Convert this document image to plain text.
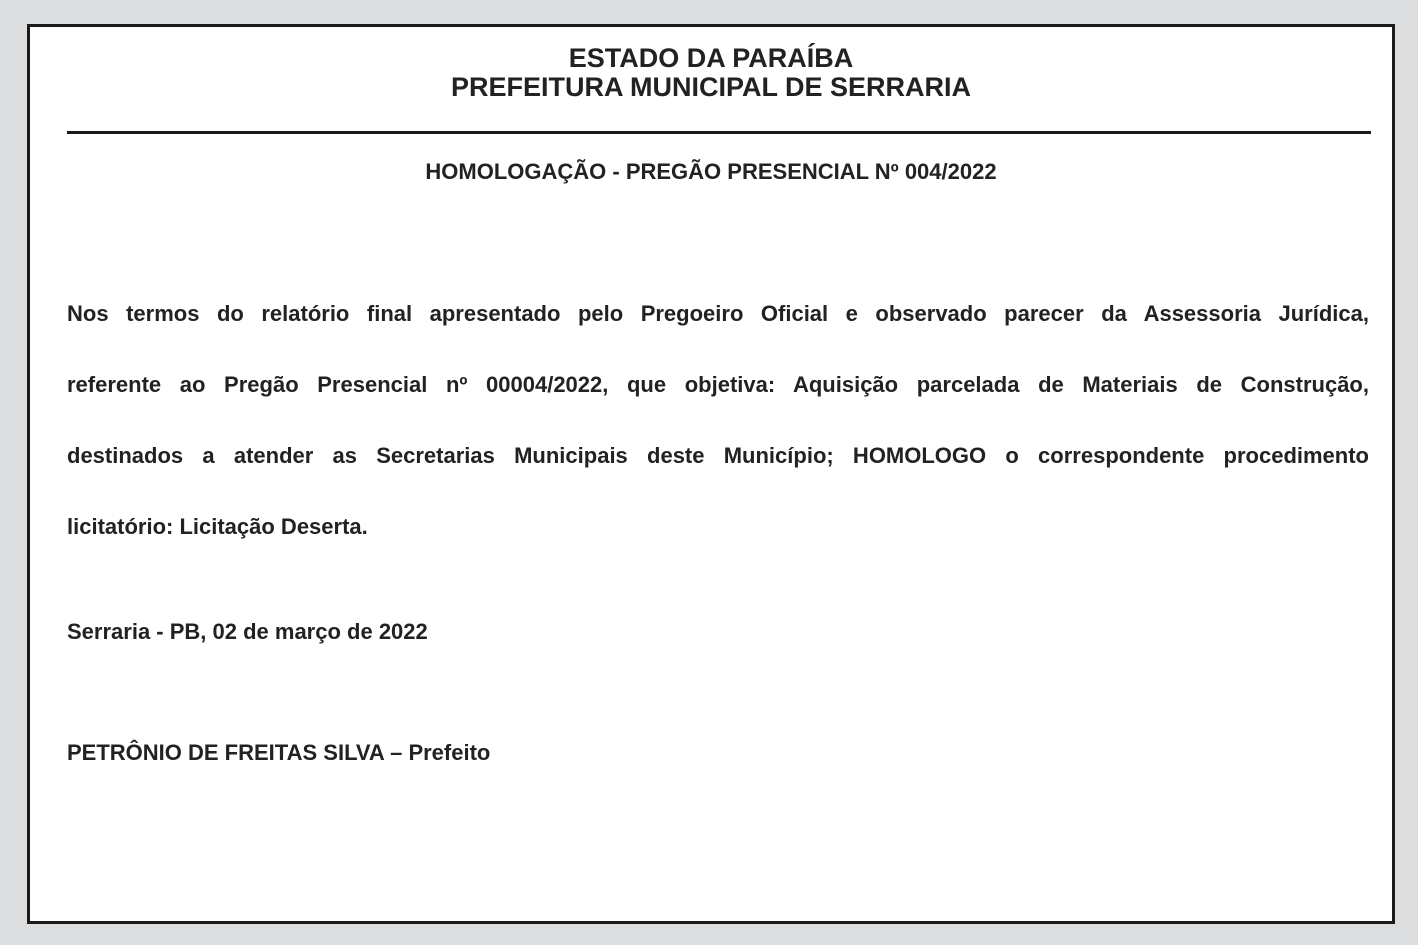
ESTADO DA PARAÍBA
PREFEITURA MUNICIPAL DE SERRARIA
HOMOLOGAÇÃO - PREGÃO PRESENCIAL Nº 004/2022
Nos termos do relatório final apresentado pelo Pregoeiro Oficial e observado parecer da Assessoria Jurídica,
referente ao Pregão Presencial nº 00004/2022, que objetiva: Aquisição parcelada de Materiais de Construção,
destinados a atender as Secretarias Municipais deste Município; HOMOLOGO o correspondente procedimento
licitatório: Licitação Deserta.
Serraria - PB, 02 de março de 2022
PETRÔNIO DE FREITAS SILVA – Prefeito
